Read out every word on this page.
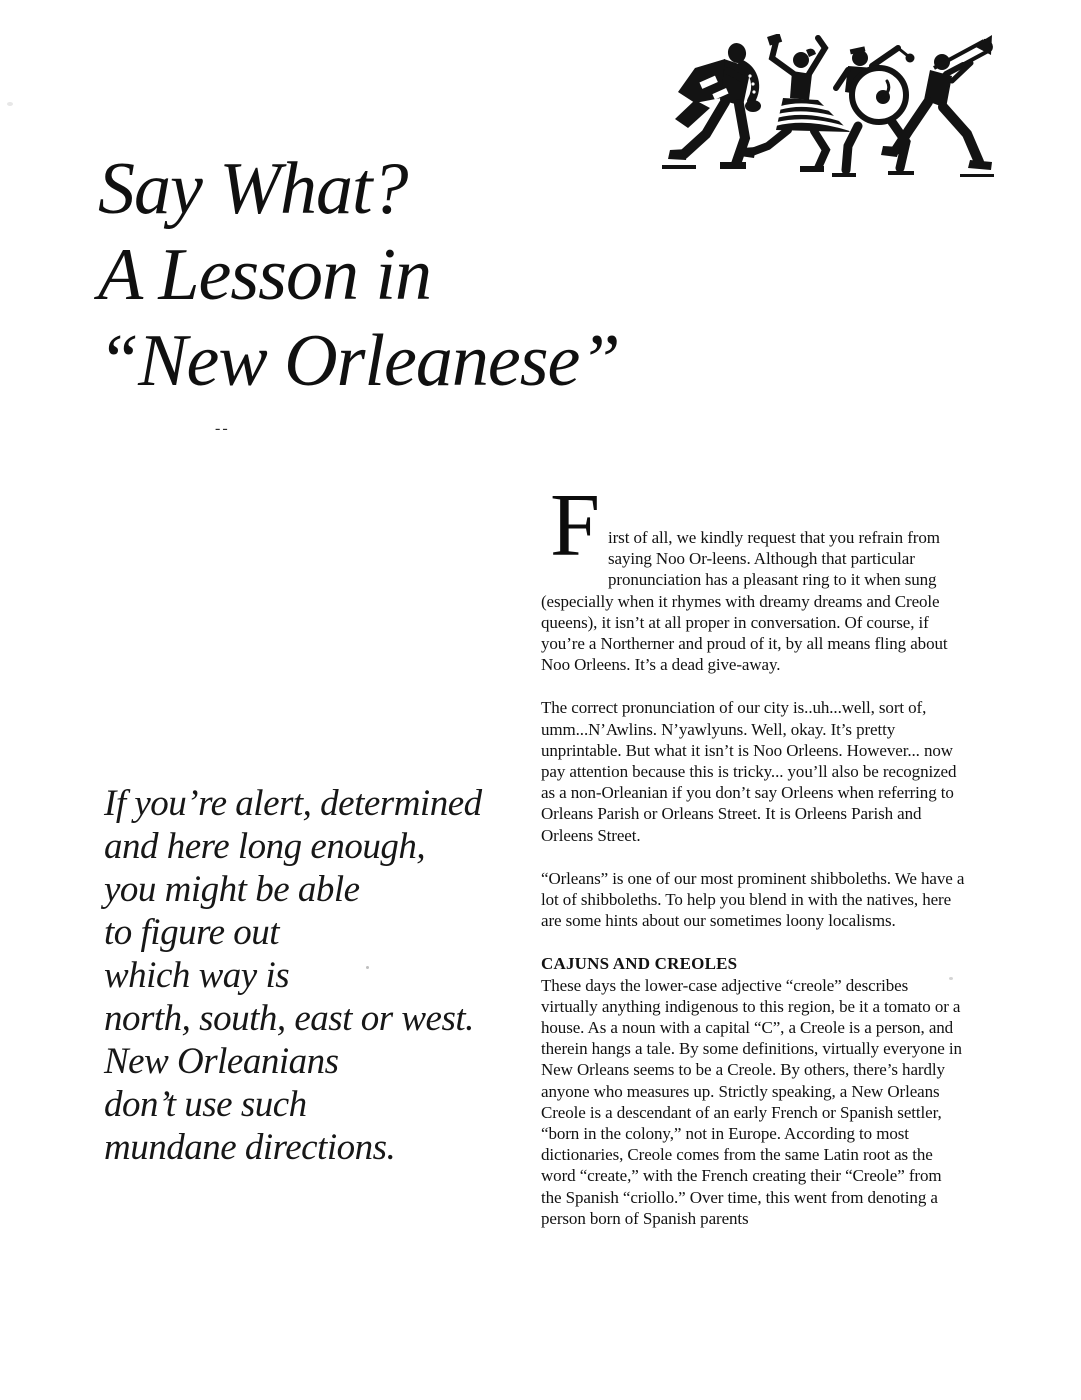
Say What?
A Lesson in
“New Orleanese”
--
If you’re alert, determined
and here long enough,
you might be able
to figure out
which way is
north, south, east or west.
New Orleanians
don’t use such
mundane directions.

First of all, we kindly request that you refrain from saying Noo Or-leens. Although that particular pronunciation has a pleasant ring to it when sung (especially when it rhymes with dreamy dreams and Creole queens), it isn’t at all proper in conversation. Of course, if you’re a Northerner and proud of it, by all means fling about Noo Orleens. It’s a dead give-away.

The correct pronunciation of our city is..uh...well, sort of, umm...N’Awlins. N’yawlyuns. Well, okay. It’s pretty unprintable. But what it isn’t is Noo Orleens. However... now pay attention because this is tricky... you’ll also be recognized as a non-Orleanian if you don’t say Orleens when referring to Orleans Parish or Orleans Street. It is Orleens Parish and Orleens Street.

“Orleans” is one of our most prominent shibboleths. We have a lot of shibboleths. To help you blend in with the natives, here are some hints about our sometimes loony localisms.

CAJUNS AND CREOLES

These days the lower-case adjective “creole” describes virtually anything indigenous to this region, be it a tomato or a house. As a noun with a capital “C”, a Creole is a person, and therein hangs a tale. By some definitions, virtually everyone in New Orleans seems to be a Creole. By others, there’s hardly anyone who measures up. Strictly speaking, a New Orleans Creole is a descendant of an early French or Spanish settler, “born in the colony,” not in Europe. According to most dictionaries, Creole comes from the same Latin root as the word “create,” with the French creating their “Creole” from the Spanish “criollo.” Over time, this went from denoting a person born of Spanish parents
